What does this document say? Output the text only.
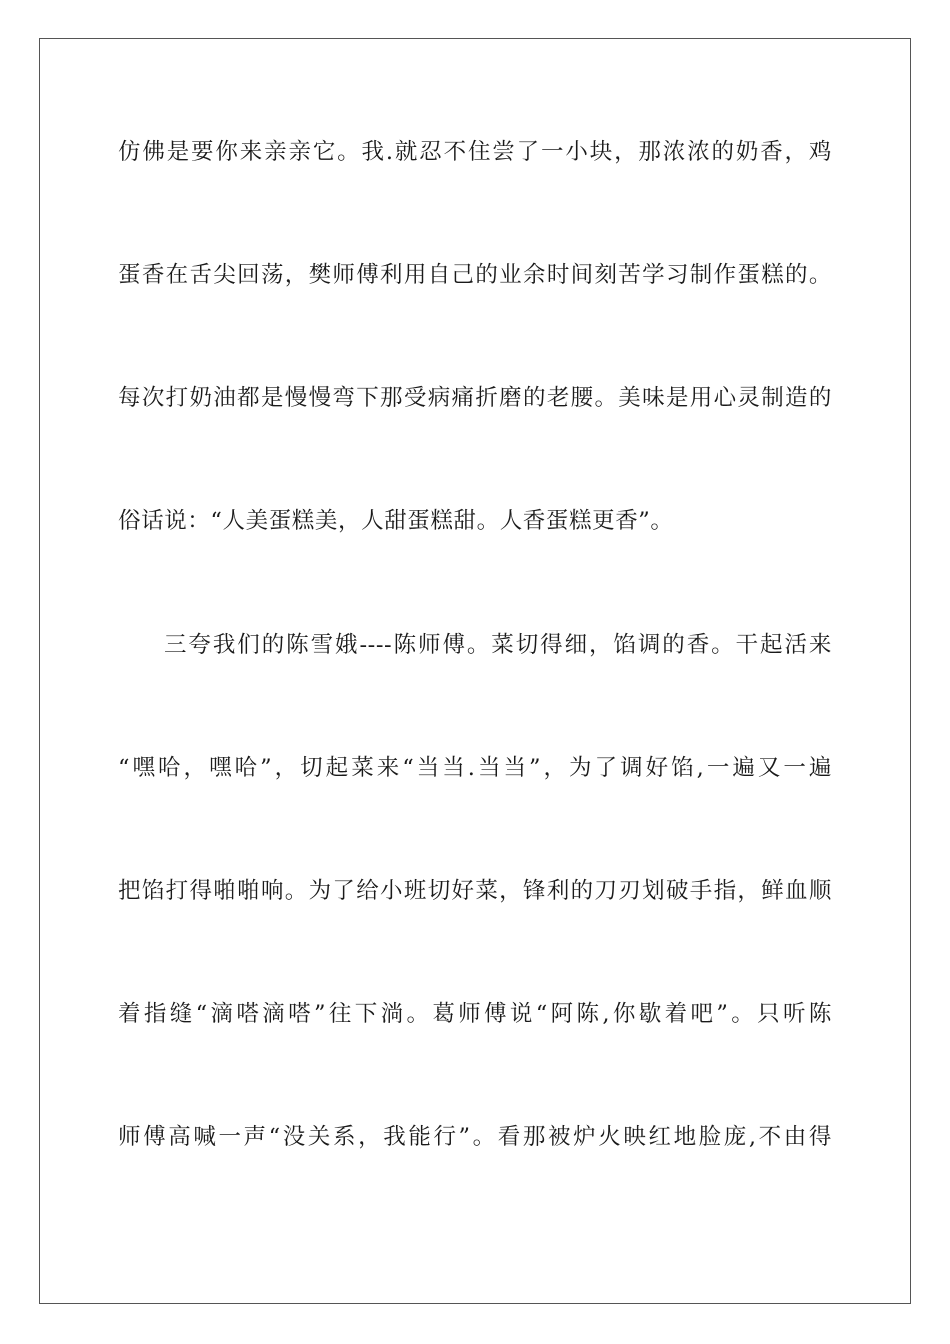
仿佛是要你来亲亲它。我.就忍不住尝了一小块，那浓浓的奶香，鸡
蛋香在舌尖回荡，樊师傅利用自己的业余时间刻苦学习制作蛋糕的。
每次打奶油都是慢慢弯下那受病痛折磨的老腰。美味是用心灵制造的
俗话说：“人美蛋糕美，人甜蛋糕甜。人香蛋糕更香”。
三夸我们的陈雪娥----陈师傅。菜切得细，馅调的香。干起活来
“嘿哈，嘿哈”，切起菜来“当当.当当”，为了调好馅,一遍又一遍
把馅打得啪啪响。为了给小班切好菜，锋利的刀刃划破手指，鲜血顺
着指缝“滴嗒滴嗒”往下淌。葛师傅说“阿陈,你歇着吧”。只听陈
师傅高喊一声“没关系，我能行”。看那被炉火映红地脸庞,不由得
